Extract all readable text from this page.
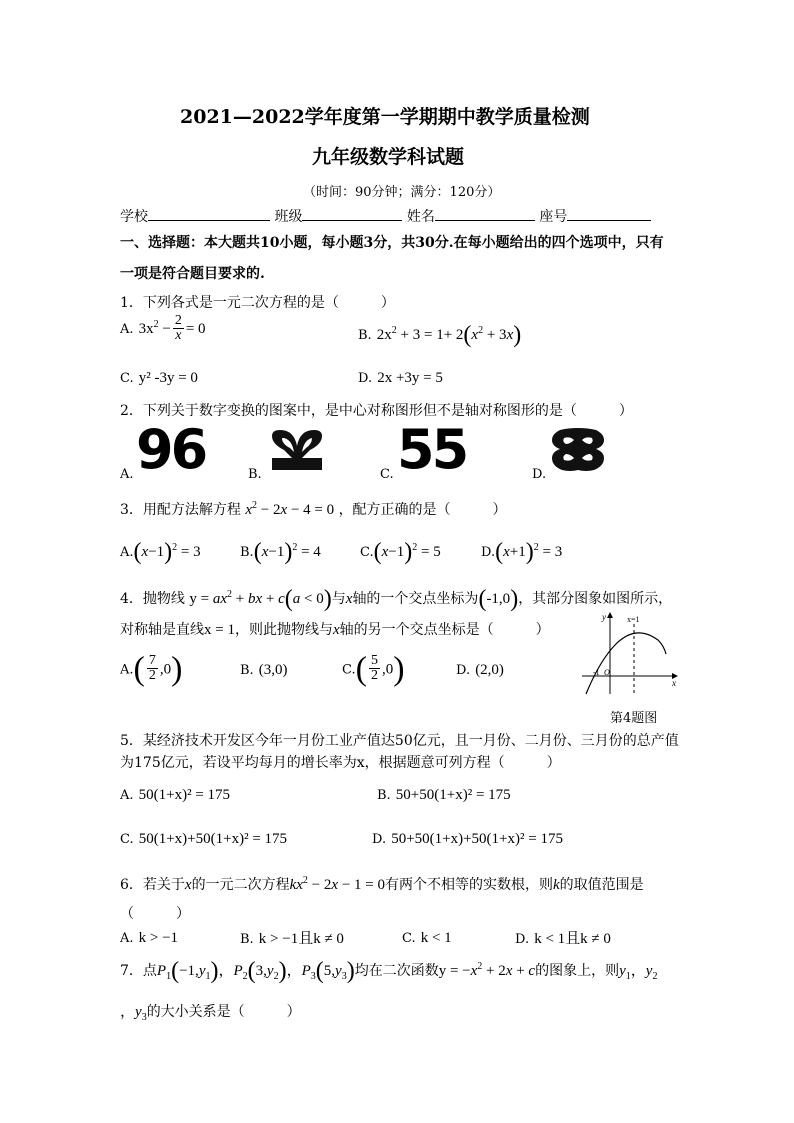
2021—2022学年度第一学期期中教学质量检测
九年级数学科试题
（时间：90分钟；满分：120分）
学校	班级	姓名	座号
一、选择题：本大题共10小题，每小题3分，共30分.在每小题给出的四个选项中，只有
一项是符合题目要求的.
1．下列各式是一元二次方程的是（　　　）
A. $3x^2 - \frac{2}{x} = 0$	B. $2x^2 + 3 = 1+ 2(x^2 + 3x)$
C. y² -3y = 0	D. 2x +3y = 5
2．下列关于数字变换的图案中，是中心对称图形但不是轴对称图形的是（　　　）
A. 96	B.	C. 55	D.
3．用配方法解方程 $x^2 - 2x - 4 = 0$ ，配方正确的是（　　　）
$A.(x-1)^2 = 3$	$B.(x-1)^2 = 4$	$C.(x-1)^2 = 5$	$D.(x+1)^2 = 3$
4．抛物线 $y = ax^2$ + bx + c(a < 0)与x轴的一个交点坐标为(-1,0)，其部分图象如图所示，
对称轴是直线x = 1，则此抛物线与x轴的另一个交点坐标是（　　　）
$A.( \frac{7}{2} ,0)$	B. (3,0)	$C.( \frac{5}{2} ,0)$	D. (2,0)
y
x
x=1
-1 O
第4题图
5．某经济技术开发区今年一月份工业产值达50亿元，且一月份、二月份、三月份的总产值
为175亿元，若设平均每月的增长率为x，根据题意可列方程（　　　）
A. 50(1+x)² = 175	B. 50+50(1+x)² = 175
C. 50(1+x)+50(1+x)² = 175	D. 50+50(1+x)+50(1+x)² = 175
6．若关于x的一元二次方程$kx^2 - 2x - 1 = 0$有两个不相等的实数根，则k的取值范围是
（　　　）
A. k > −1	B. k > −1且k ≠ 0	C. k < 1	D. k < 1且k ≠ 0
7．点$P_1(-1,y_1)$，$P_2(3,y_2)$，$P_3(5,y_3)$均在二次函数$y = -x^2 + 2x + c$的图象上，则$y_1$，$y_2$
，$y_3$的大小关系是（　　　）
